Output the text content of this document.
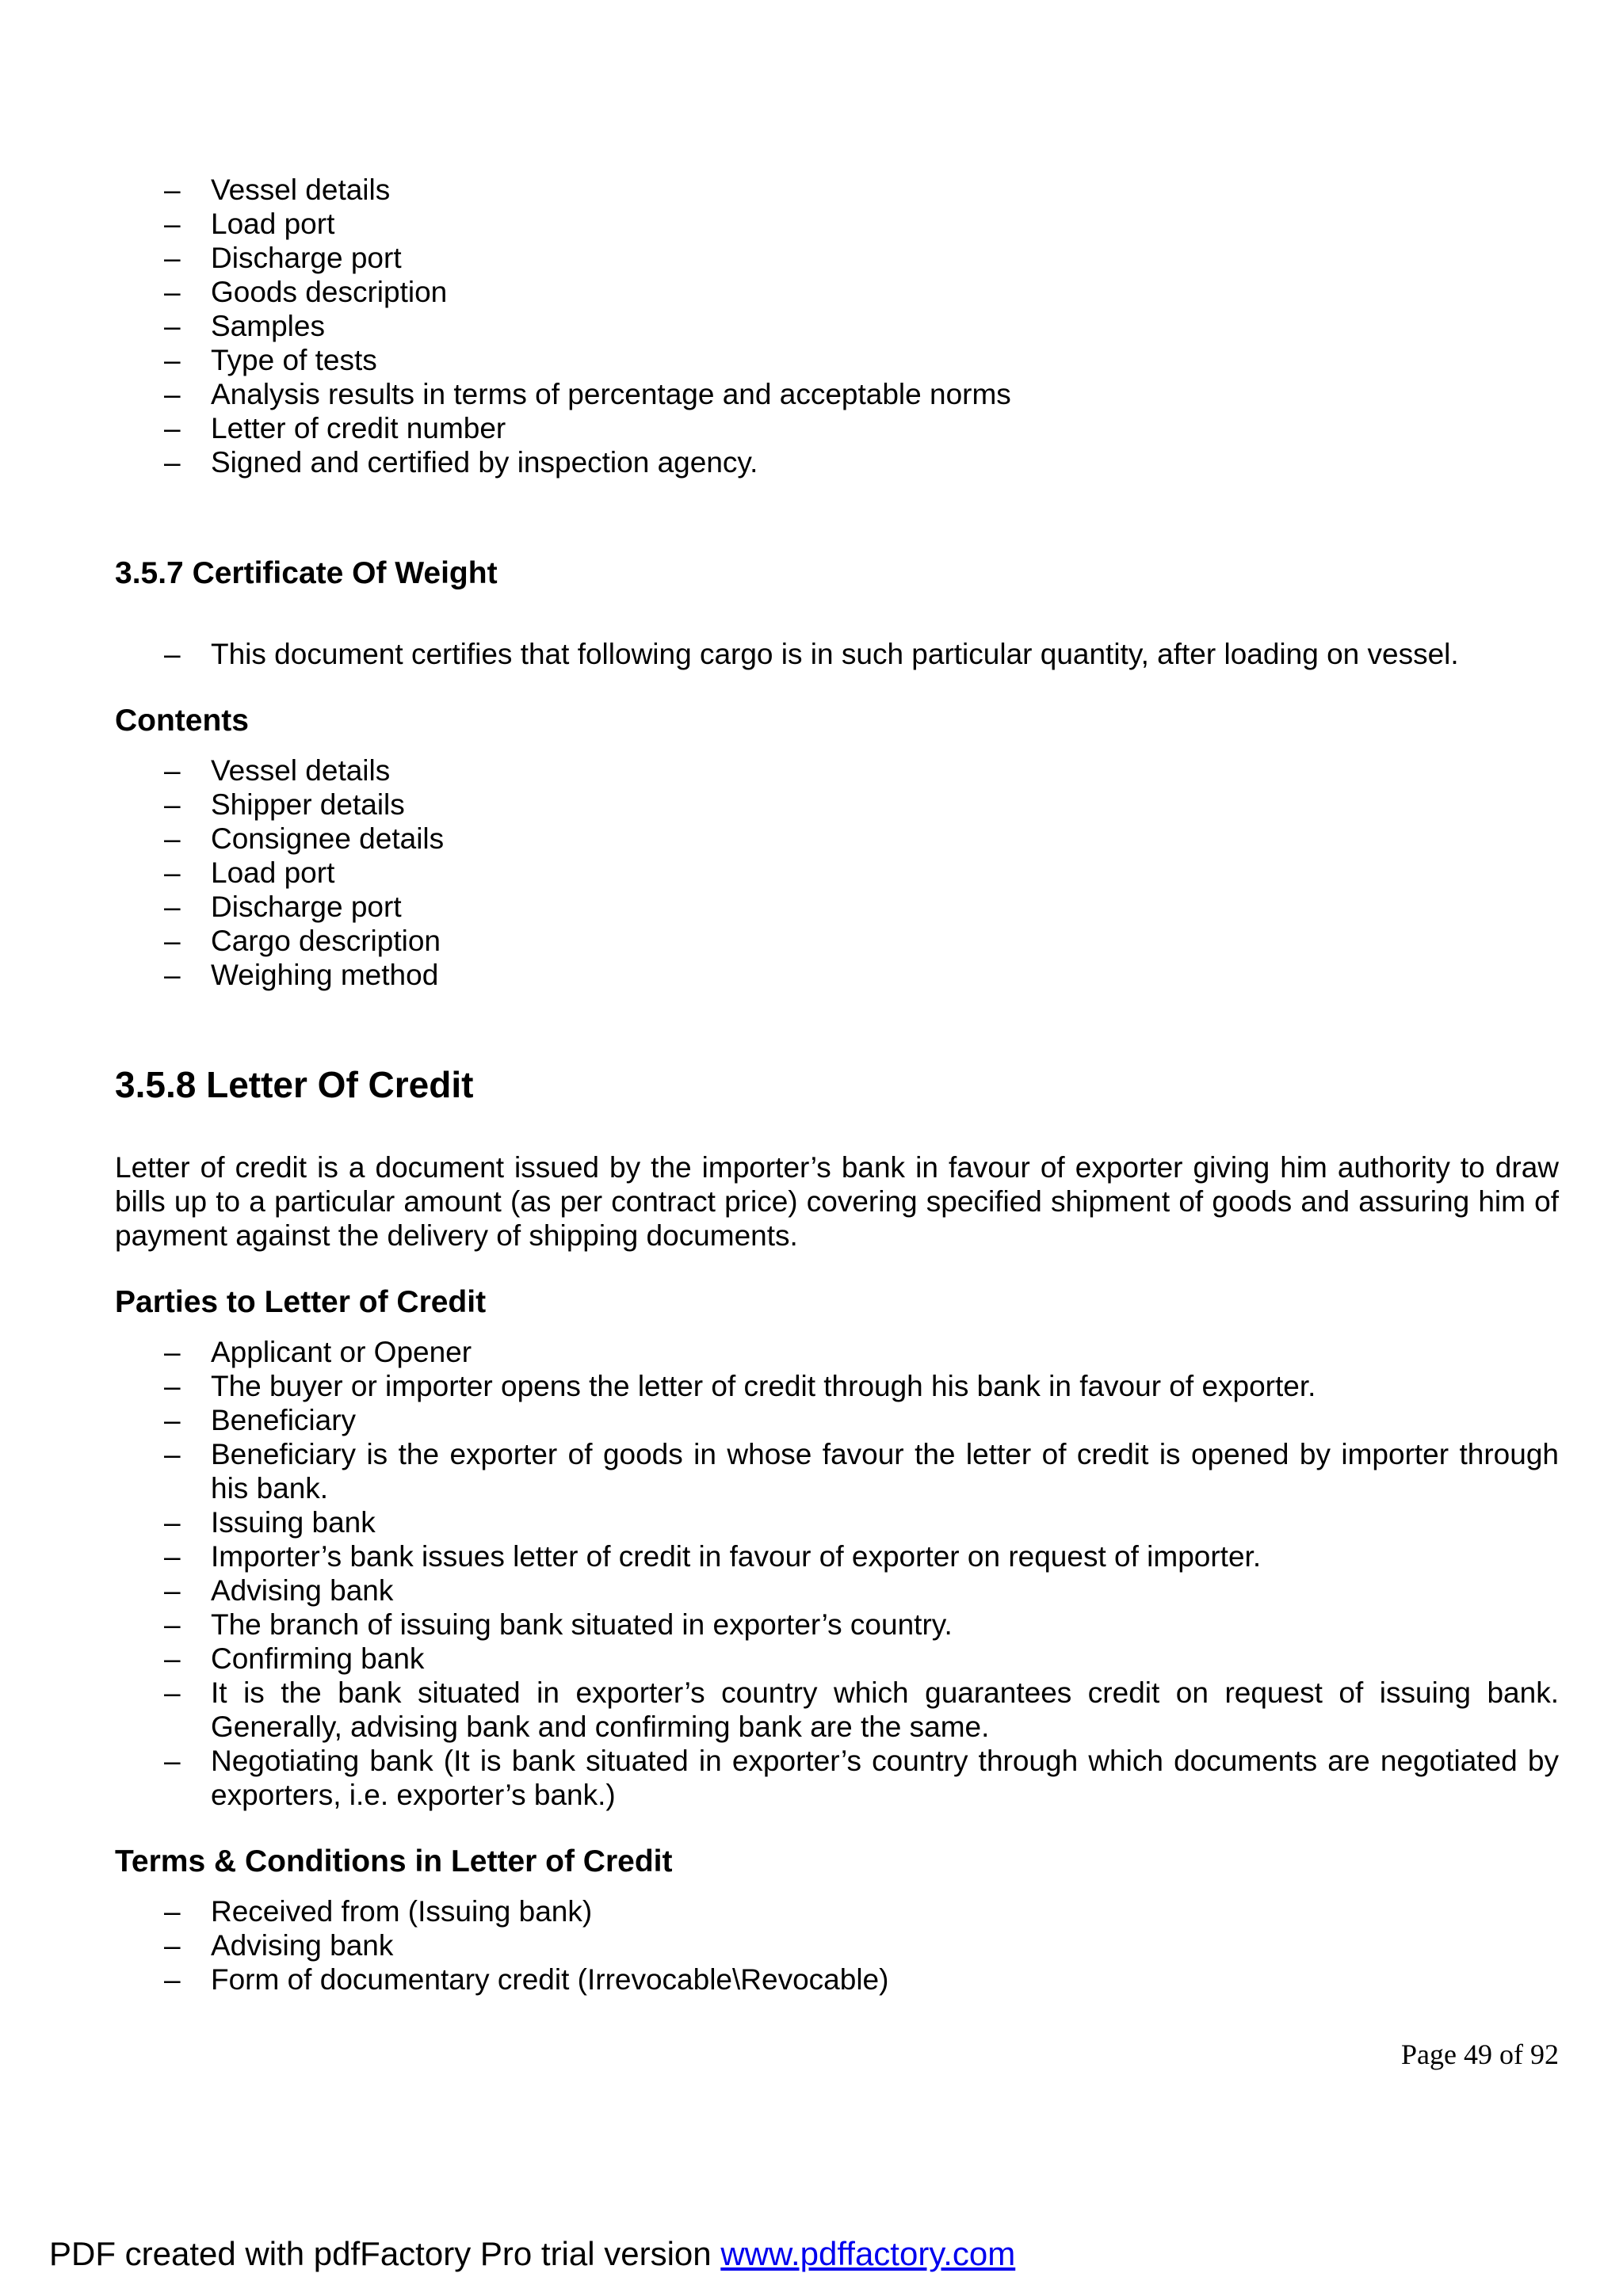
– Vessel details
– Load port
– Discharge port
– Goods description
– Samples
– Type of tests
– Analysis results in terms of percentage and acceptable norms
– Letter of credit number
– Signed and certified by inspection agency.
3.5.7 Certificate Of Weight
– This document certifies that following cargo is in such particular quantity, after loading on vessel.
Contents
– Vessel details
– Shipper details
– Consignee details
– Load port
– Discharge port
– Cargo description
– Weighing method
3.5.8 Letter Of Credit

Letter of credit is a document issued by the importer’s bank in favour of exporter giving him authority to draw bills up to a particular amount (as per contract price) covering specified shipment of goods and assuring him of payment against the delivery of shipping documents.

Parties to Letter of Credit
– Applicant or Opener
– The buyer or importer opens the letter of credit through his bank in favour of exporter.
– Beneficiary
– Beneficiary is the exporter of goods in whose favour the letter of credit is opened by importer through his bank.
– Issuing bank
– Importer’s bank issues letter of credit in favour of exporter on request of importer.
– Advising bank
– The branch of issuing bank situated in exporter’s country.
– Confirming bank
– It is the bank situated in exporter’s country which guarantees credit on request of issuing bank. Generally, advising bank and confirming bank are the same.
– Negotiating bank (It is bank situated in exporter’s country through which documents are negotiated by exporters, i.e. exporter’s bank.)
Terms & Conditions in Letter of Credit
– Received from (Issuing bank)
– Advising bank
– Form of documentary credit (Irrevocable\Revocable)
Page 49 of 92
PDF created with pdfFactory Pro trial version www.pdffactory.com
